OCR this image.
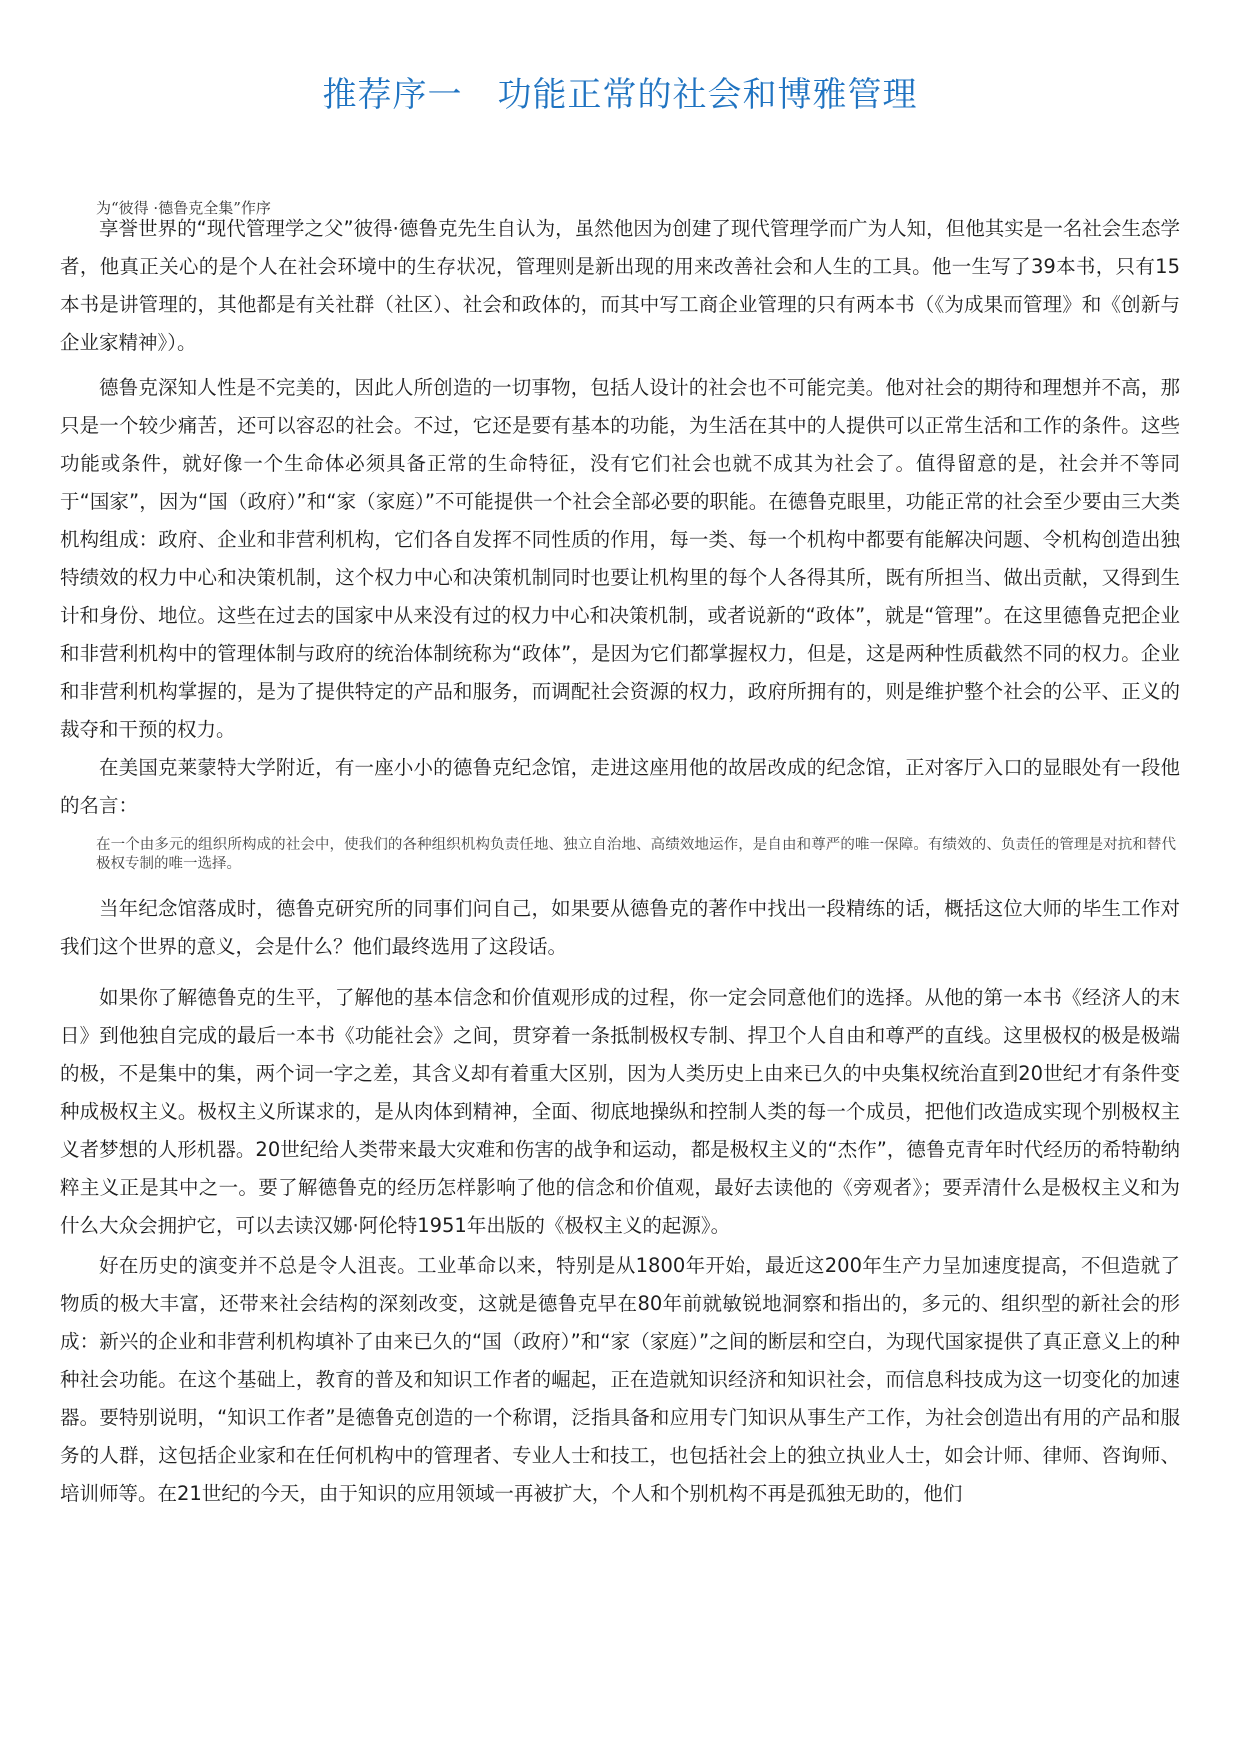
推荐序一　功能正常的社会和博雅管理
为“彼得 ·德鲁克全集”作序

享誉世界的“现代管理学之父”彼得·德鲁克先生自认为，虽然他因为创建了现代管理学而广为人知，但他其实是一名社会生态学者，他真正关心的是个人在社会环境中的生存状况，管理则是新出现的用来改善社会和人生的工具。他一生写了39本书，只有15本书是讲管理的，其他都是有关社群（社区）、社会和政体的，而其中写工商企业管理的只有两本书（《为成果而管理》和《创新与企业家精神》）。

德鲁克深知人性是不完美的，因此人所创造的一切事物，包括人设计的社会也不可能完美。他对社会的期待和理想并不高，那只是一个较少痛苦，还可以容忍的社会。不过，它还是要有基本的功能，为生活在其中的人提供可以正常生活和工作的条件。这些功能或条件，就好像一个生命体必须具备正常的生命特征，没有它们社会也就不成其为社会了。值得留意的是，社会并不等同于“国家”，因为“国（政府）”和“家（家庭）”不可能提供一个社会全部必要的职能。在德鲁克眼里，功能正常的社会至少要由三大类机构组成：政府、企业和非营利机构，它们各自发挥不同性质的作用，每一类、每一个机构中都要有能解决问题、令机构创造出独特绩效的权力中心和决策机制，这个权力中心和决策机制同时也要让机构里的每个人各得其所，既有所担当、做出贡献，又得到生计和身份、地位。这些在过去的国家中从来没有过的权力中心和决策机制，或者说新的“政体”，就是“管理”。在这里德鲁克把企业和非营利机构中的管理体制与政府的统治体制统称为“政体”，是因为它们都掌握权力，但是，这是两种性质截然不同的权力。企业和非营利机构掌握的，是为了提供特定的产品和服务，而调配社会资源的权力，政府所拥有的，则是维护整个社会的公平、正义的裁夺和干预的权力。

在美国克莱蒙特大学附近，有一座小小的德鲁克纪念馆，走进这座用他的故居改成的纪念馆，正对客厅入口的显眼处有一段他的名言：

在一个由多元的组织所构成的社会中，使我们的各种组织机构负责任地、独立自治地、高绩效地运作，是自由和尊严的唯一保障。有绩效的、负责任的管理是对抗和替代极权专制的唯一选择。

当年纪念馆落成时，德鲁克研究所的同事们问自己，如果要从德鲁克的著作中找出一段精练的话，概括这位大师的毕生工作对我们这个世界的意义，会是什么？他们最终选用了这段话。

如果你了解德鲁克的生平，了解他的基本信念和价值观形成的过程，你一定会同意他们的选择。从他的第一本书《经济人的末日》到他独自完成的最后一本书《功能社会》之间，贯穿着一条抵制极权专制、捍卫个人自由和尊严的直线。这里极权的极是极端的极，不是集中的集，两个词一字之差，其含义却有着重大区别，因为人类历史上由来已久的中央集权统治直到20世纪才有条件变种成极权主义。极权主义所谋求的，是从肉体到精神，全面、彻底地操纵和控制人类的每一个成员，把他们改造成实现个别极权主义者梦想的人形机器。20世纪给人类带来最大灾难和伤害的战争和运动，都是极权主义的“杰作”，德鲁克青年时代经历的希特勒纳粹主义正是其中之一。要了解德鲁克的经历怎样影响了他的信念和价值观，最好去读他的《旁观者》；要弄清什么是极权主义和为什么大众会拥护它，可以去读汉娜·阿伦特1951年出版的《极权主义的起源》。

好在历史的演变并不总是令人沮丧。工业革命以来，特别是从1800年开始，最近这200年生产力呈加速度提高，不但造就了物质的极大丰富，还带来社会结构的深刻改变，这就是德鲁克早在80年前就敏锐地洞察和指出的，多元的、组织型的新社会的形成：新兴的企业和非营利机构填补了由来已久的“国（政府）”和“家（家庭）”之间的断层和空白，为现代国家提供了真正意义上的种种社会功能。在这个基础上，教育的普及和知识工作者的崛起，正在造就知识经济和知识社会，而信息科技成为这一切变化的加速器。要特别说明，“知识工作者”是德鲁克创造的一个称谓，泛指具备和应用专门知识从事生产工作，为社会创造出有用的产品和服务的人群，这包括企业家和在任何机构中的管理者、专业人士和技工，也包括社会上的独立执业人士，如会计师、律师、咨询师、培训师等。在21世纪的今天，由于知识的应用领域一再被扩大，个人和个别机构不再是孤独无助的，他们
